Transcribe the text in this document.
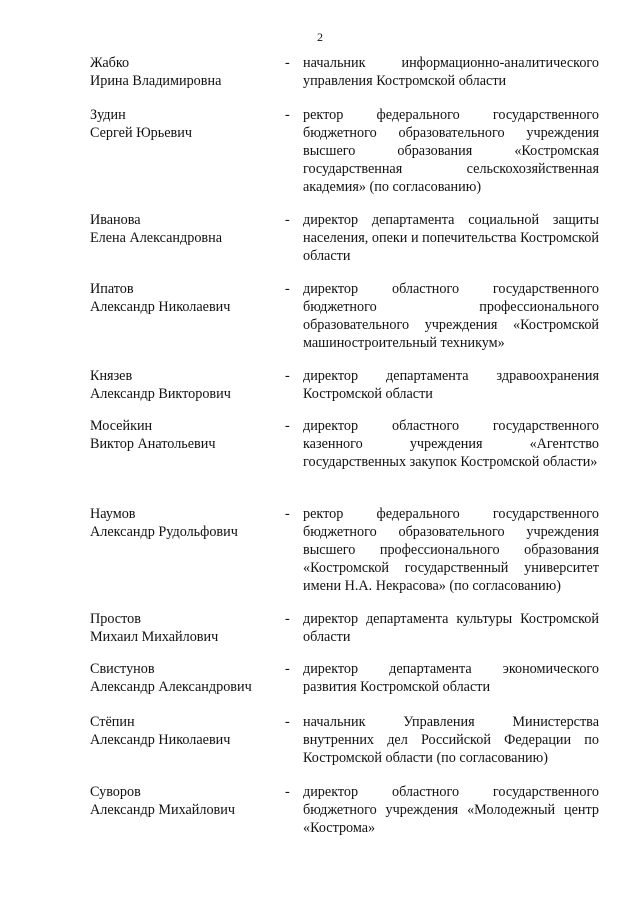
2
Жабко
Ирина Владимировна
- начальник информационно-аналитического управления Костромской области
Зудин
Сергей Юрьевич
- ректор федерального государственного бюджетного образовательного учреждения высшего образования «Костромская государственная сельскохозяйственная академия» (по согласованию)
Иванова
Елена Александровна
- директор департамента социальной защиты населения, опеки и попечительства Костромской области
Ипатов
Александр Николаевич
- директор областного государственного бюджетного профессионального образовательного учреждения «Костромской машиностроительный техникум»
Князев
Александр Викторович
- директор департамента здравоохранения Костромской области
Мосейкин
Виктор Анатольевич
- директор областного государственного казенного учреждения «Агентство государственных закупок Костромской области»
Наумов
Александр Рудольфович
- ректор федерального государственного бюджетного образовательного учреждения высшего профессионального образования «Костромской государственный университет имени Н.А. Некрасова» (по согласованию)
Простов
Михаил Михайлович
- директор департамента культуры Костромской области
Свистунов
Александр Александрович
- директор департамента экономического развития Костромской области
Стёпин
Александр Николаевич
- начальник Управления Министерства внутренних дел Российской Федерации по Костромской области (по согласованию)
Суворов
Александр Михайлович
- директор областного государственного бюджетного учреждения «Молодежный центр «Кострома»
